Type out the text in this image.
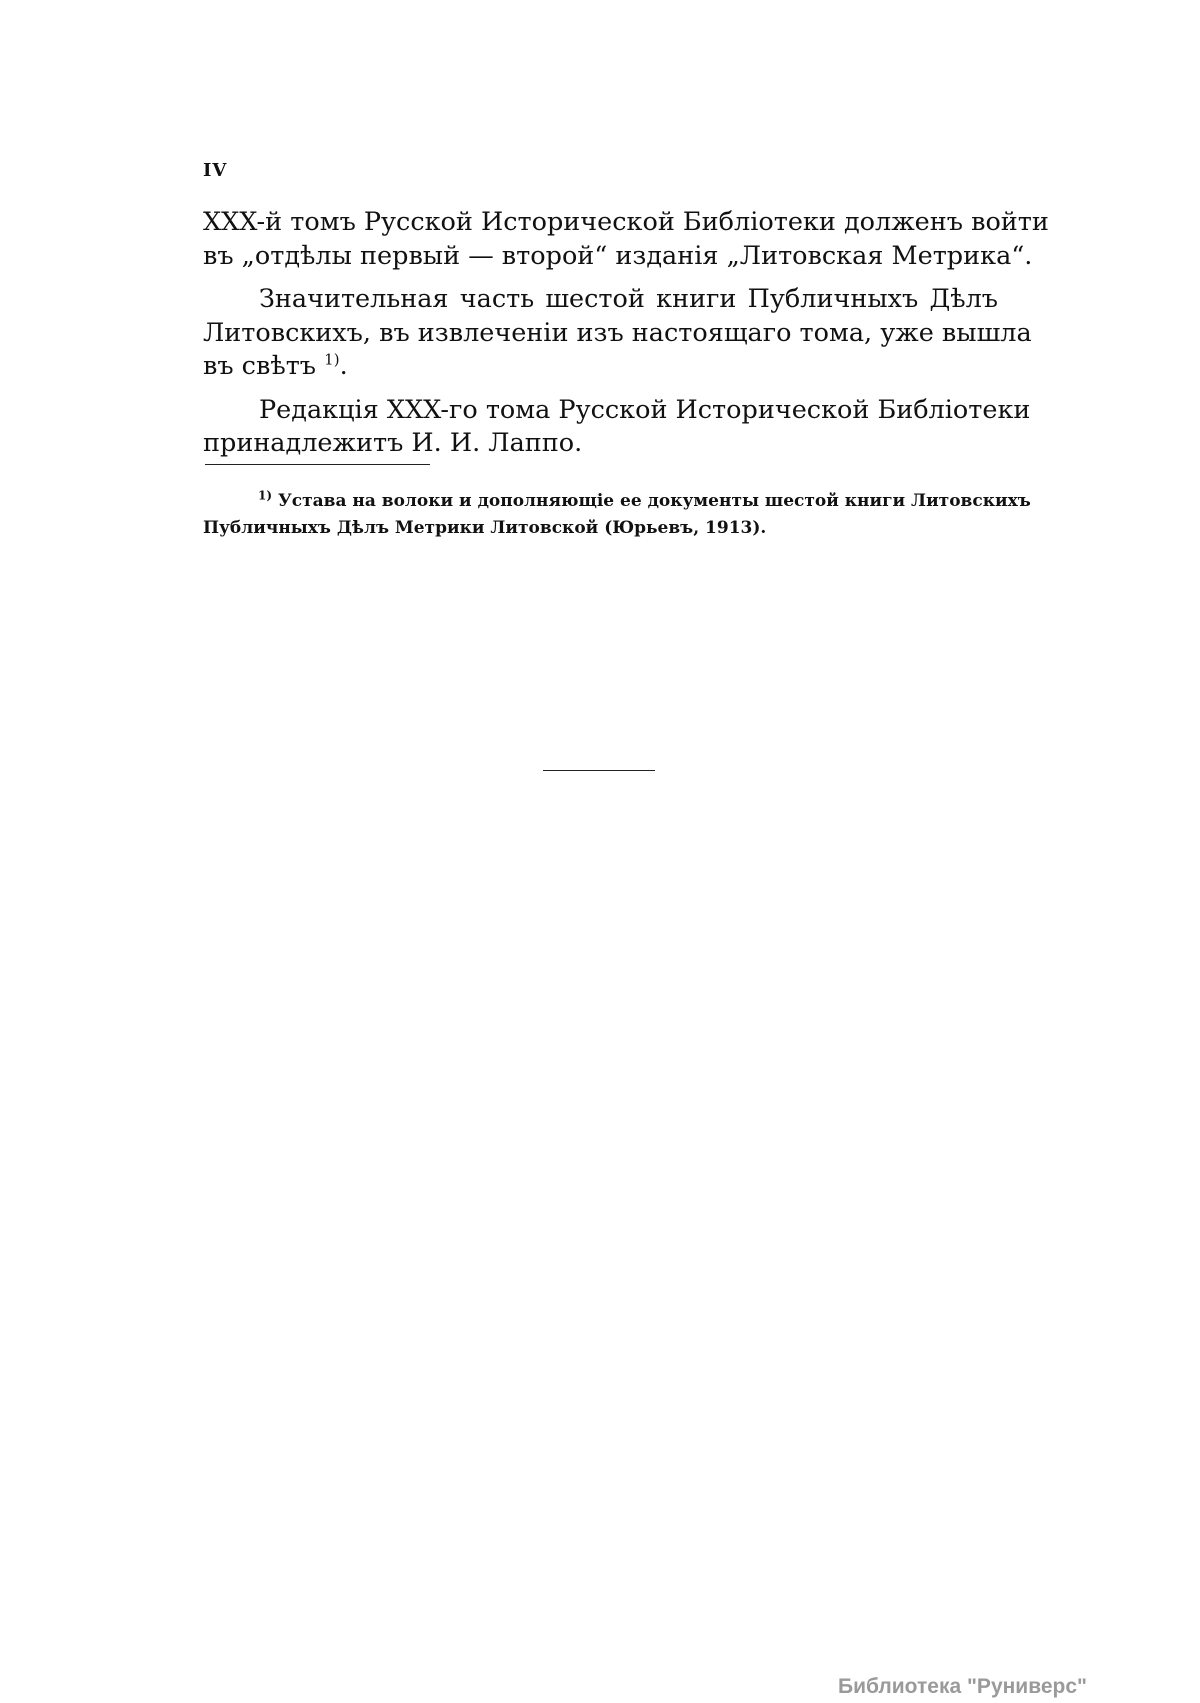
IV

XXX-й томъ Русской Исторической Библіотеки долженъ войти
въ „отдѣлы первый — второй“ изданія „Литовская Метрика“.

Значительная часть шестой книги Публичныхъ Дѣлъ
Литовскихъ, въ извлеченіи изъ настоящаго тома, уже вышла
въ свѣтъ $^{1)}$.

Редакція XXX-го тома Русской Исторической Библіотеки
принадлежитъ И. И. Лаппо.

$^{1)}$ Устава на волоки и дополняющіе ее документы шестой книги Литовскихъ
Публичныхъ Дѣлъ Метрики Литовской (Юрьевъ, 1913).
Библиотека "Руниверс"
